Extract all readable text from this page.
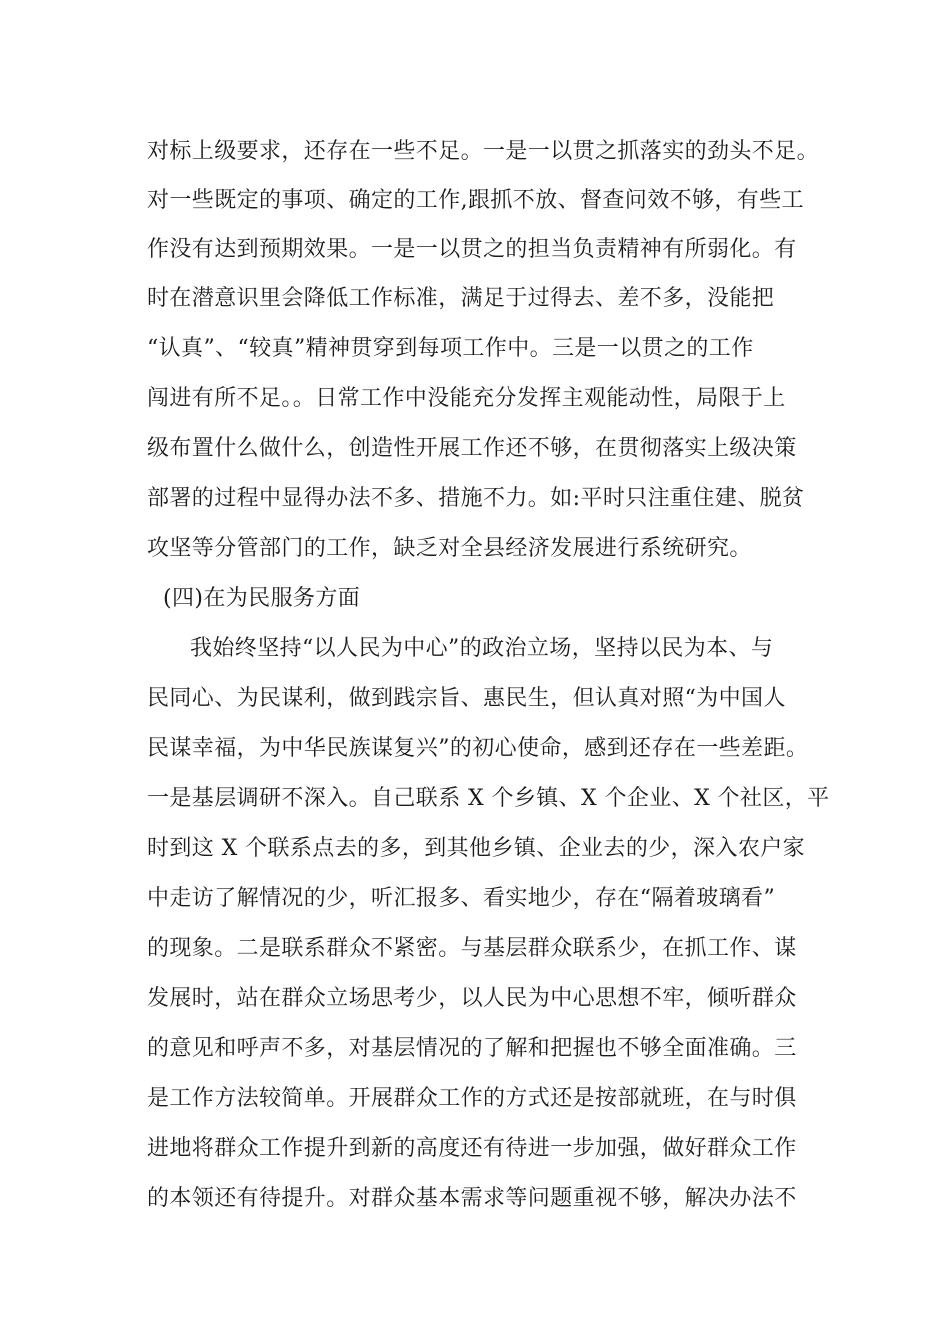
对标上级要求，还存在一些不足。一是一以贯之抓落实的劲头不足。
对一些既定的事项、确定的工作,跟抓不放、督查问效不够，有些工
作没有达到预期效果。一是一以贯之的担当负责精神有所弱化。有
时在潜意识里会降低工作标准，满足于过得去、差不多，没能把
“认真”、“较真”精神贯穿到每项工作中。三是一以贯之的工作
闯进有所不足。。日常工作中没能充分发挥主观能动性，局限于上
级布置什么做什么，创造性开展工作还不够，在贯彻落实上级决策
部署的过程中显得办法不多、措施不力。如:平时只注重住建、脱贫
攻坚等分管部门的工作，缺乏对全县经济发展进行系统研究。
(四)在为民服务方面
我始终坚持“以人民为中心”的政治立场，坚持以民为本、与
民同心、为民谋利，做到践宗旨、惠民生，但认真对照“为中国人
民谋幸福，为中华民族谋复兴”的初心使命，感到还存在一些差距。
一是基层调研不深入。自己联系 X 个乡镇、X 个企业、X 个社区，平
时到这 X 个联系点去的多，到其他乡镇、企业去的少，深入农户家
中走访了解情况的少，听汇报多、看实地少，存在“隔着玻璃看”
的现象。二是联系群众不紧密。与基层群众联系少，在抓工作、谋
发展时，站在群众立场思考少，以人民为中心思想不牢，倾听群众
的意见和呼声不多，对基层情况的了解和把握也不够全面准确。三
是工作方法较简单。开展群众工作的方式还是按部就班，在与时俱
进地将群众工作提升到新的高度还有待进一步加强，做好群众工作
的本领还有待提升。对群众基本需求等问题重视不够，解决办法不
